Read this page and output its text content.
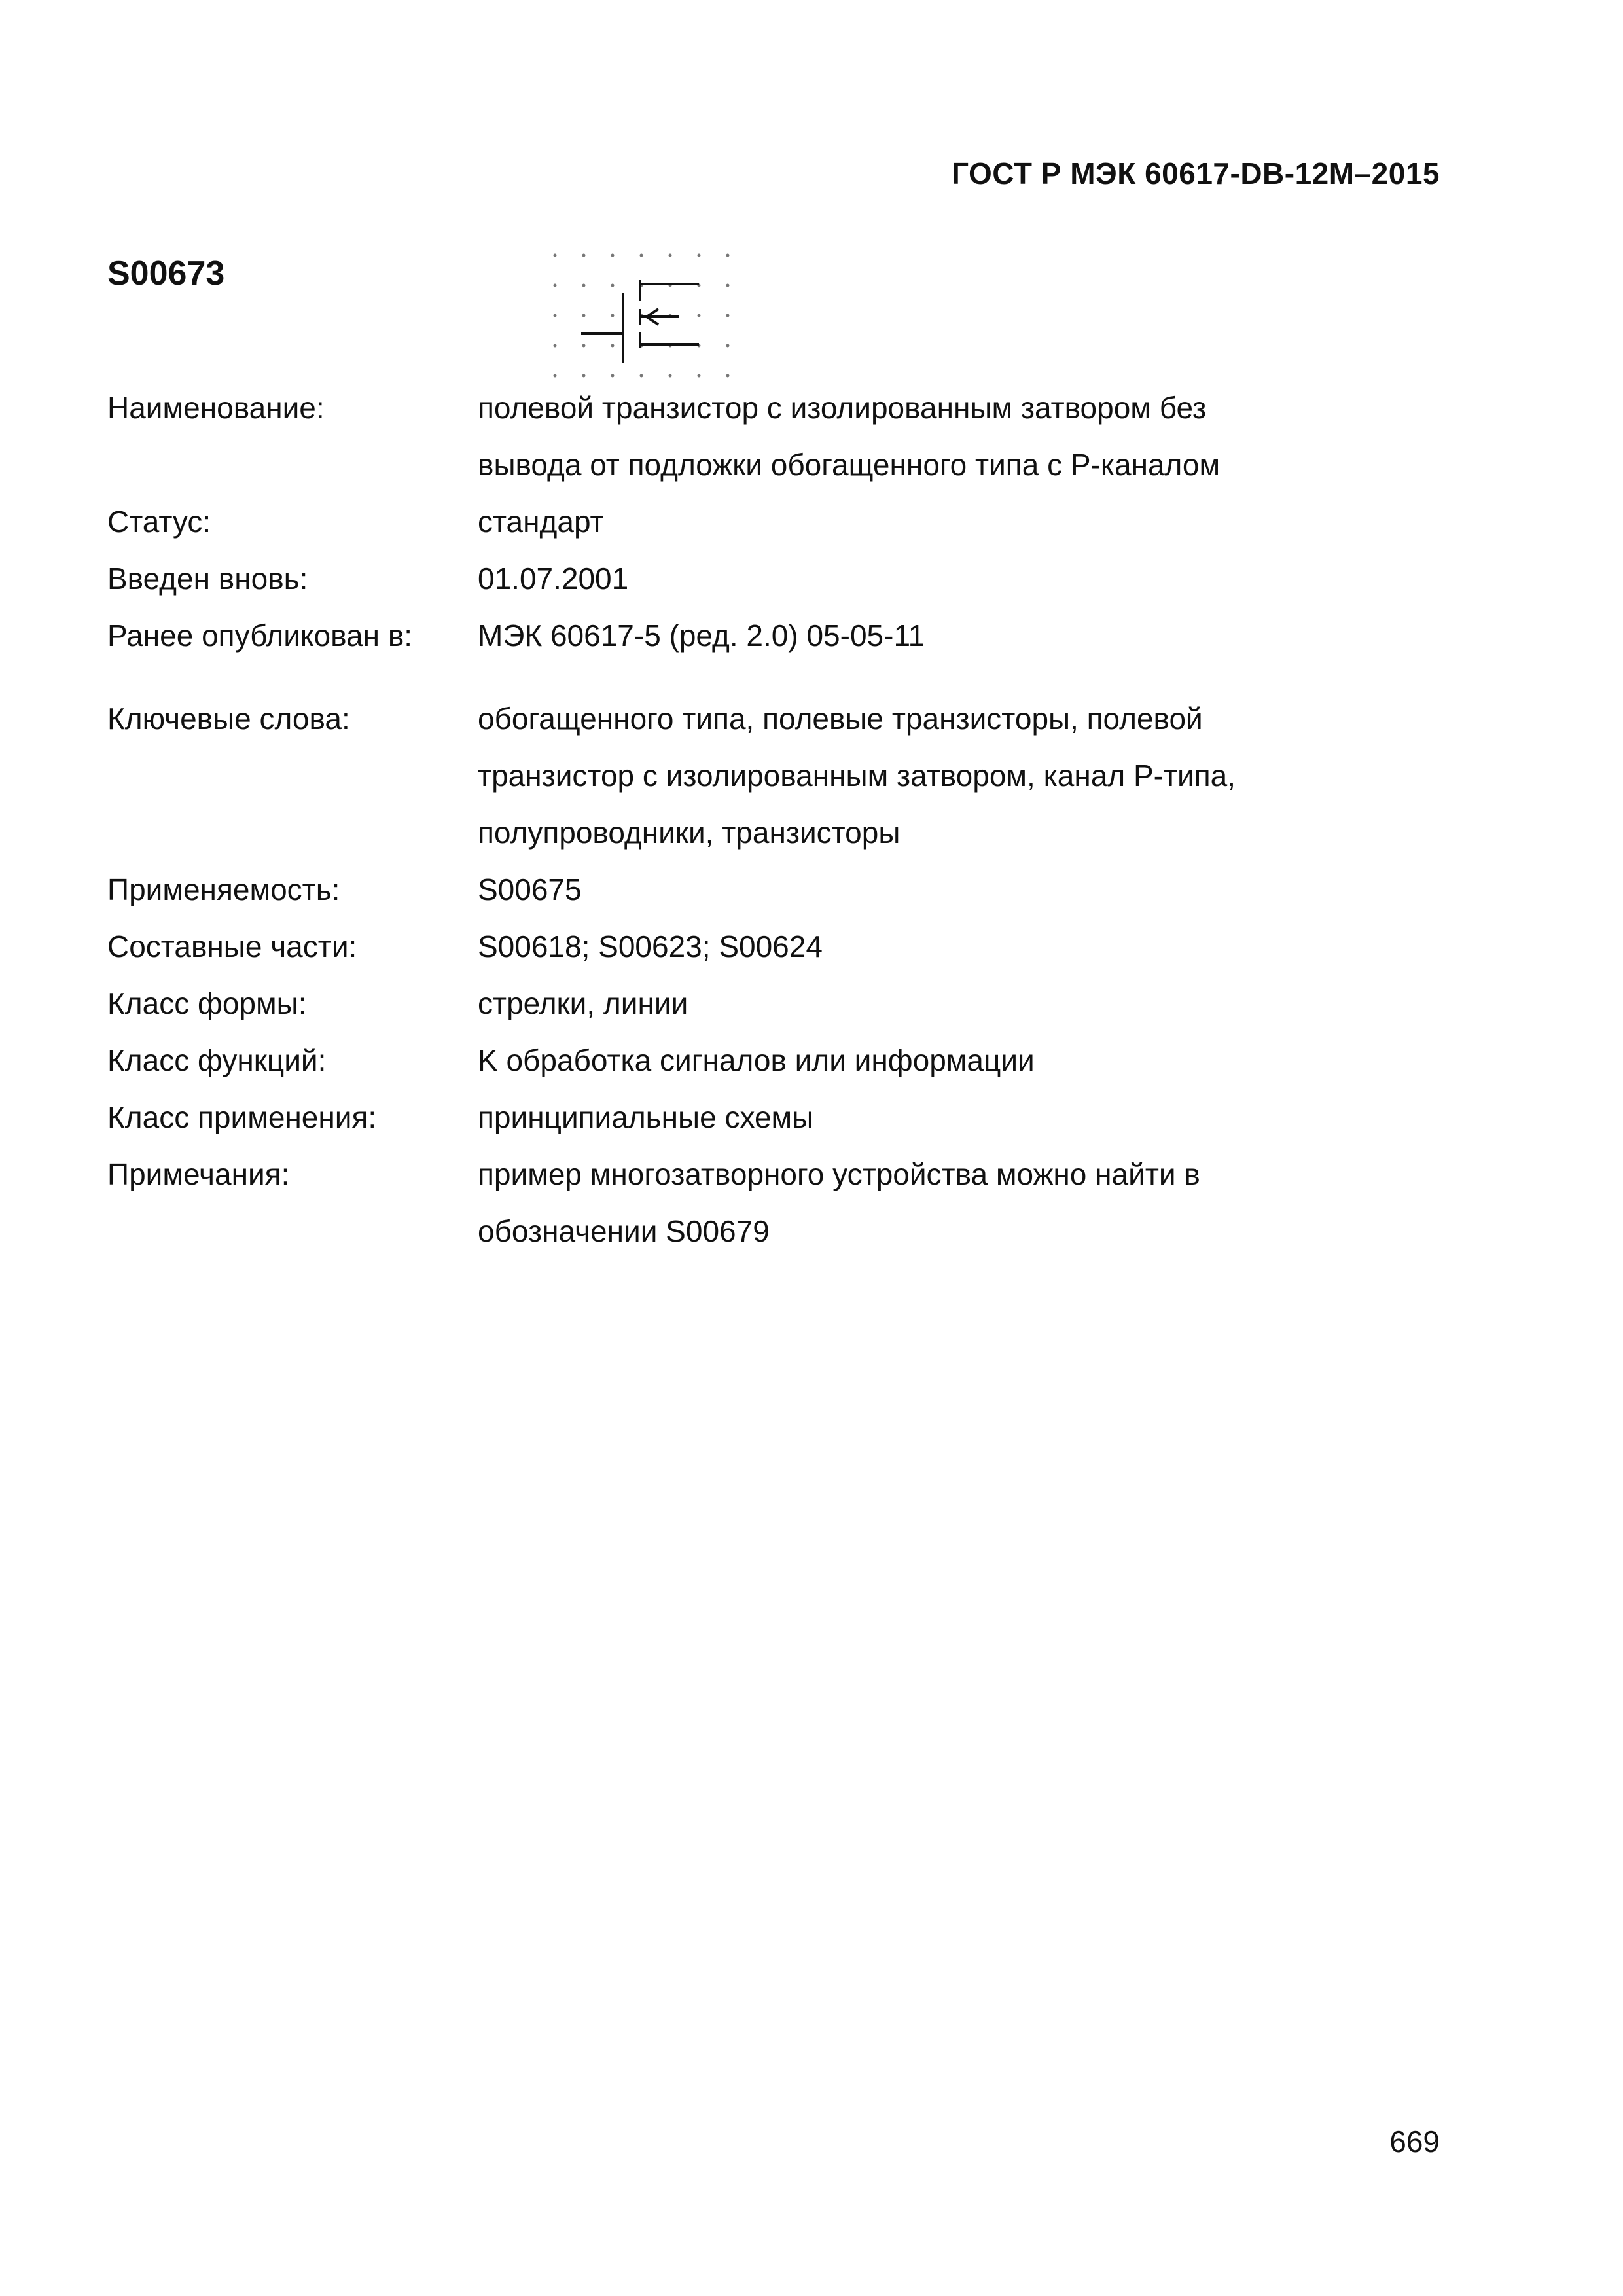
ГОСТ Р МЭК 60617-DB-12M–2015
S00673
Наименование:	полевой транзистор с изолированным затвором без
вывода от подложки обогащенного типа с Р-каналом
Статус:	стандарт
Введен вновь:	01.07.2001
Ранее опубликован в:	МЭК 60617-5 (ред. 2.0) 05-05-11
Ключевые слова:	обогащенного типа, полевые транзисторы, полевой
транзистор с изолированным затвором, канал Р-типа,
полупроводники, транзисторы
Применяемость:	S00675
Составные части:	S00618; S00623; S00624
Класс формы:	стрелки, линии
Класс функций:	K обработка сигналов или информации
Класс применения:	принципиальные схемы
Примечания:	пример многозатворного устройства можно найти в
обозначении S00679
669
